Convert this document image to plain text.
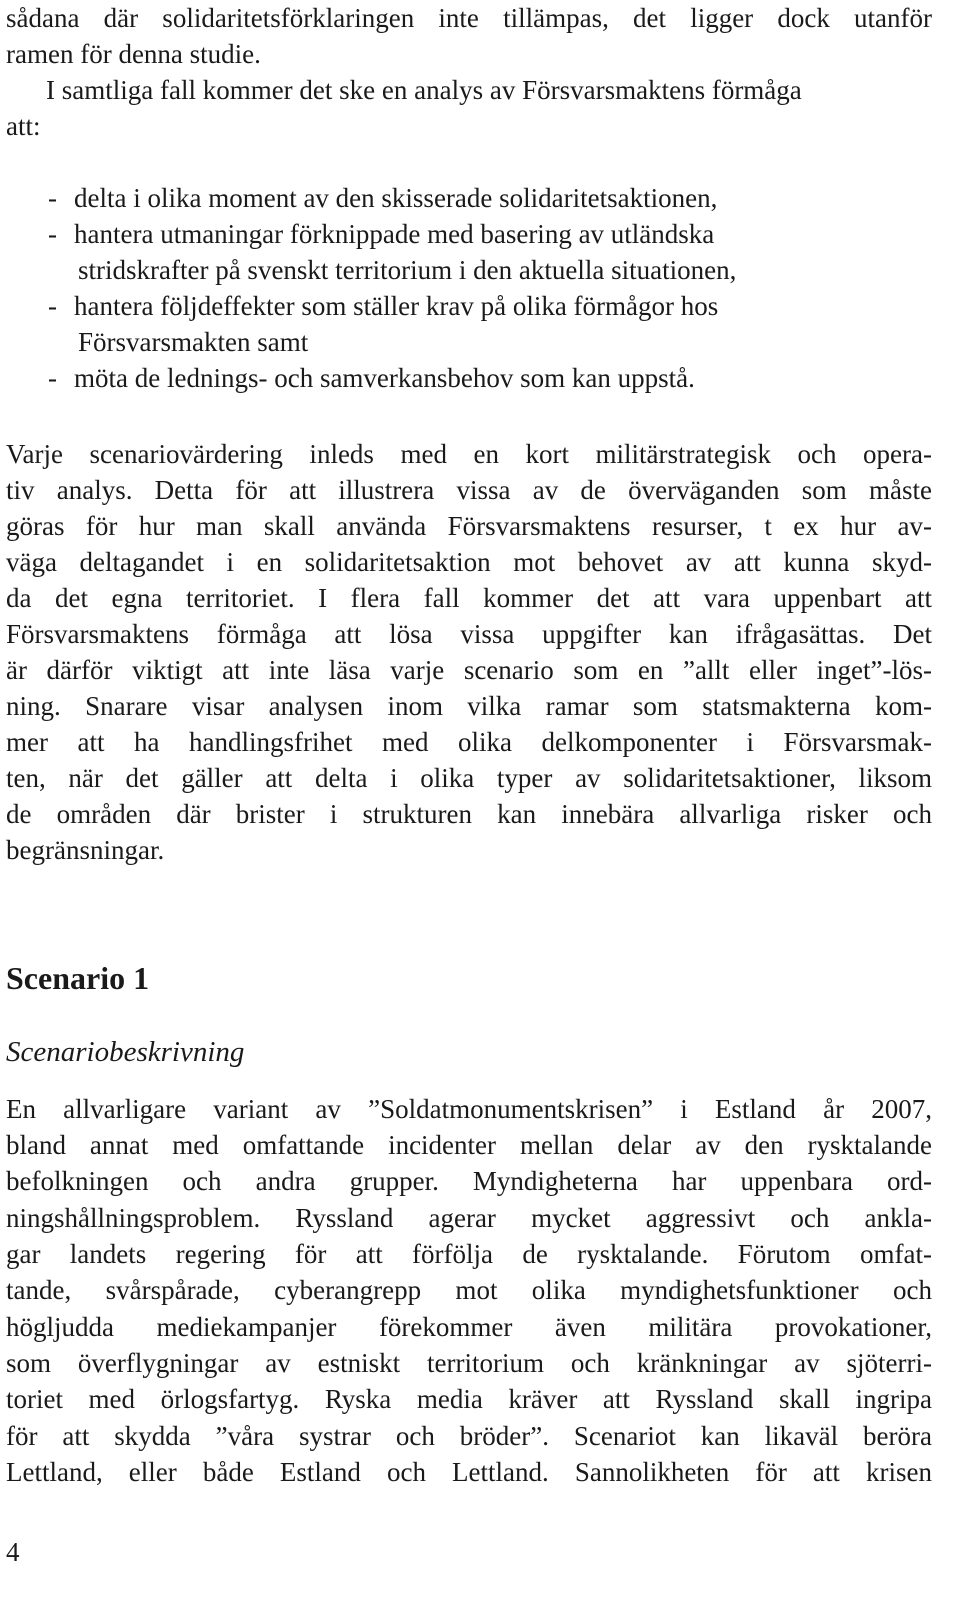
sådana där solidaritetsförklaringen inte tillämpas, det ligger dock utanför
ramen för denna studie.
I samtliga fall kommer det ske en analys av Försvarsmaktens förmåga
att:
- delta i olika moment av den skisserade solidaritetsaktionen,
- hantera utmaningar förknippade med basering av utländska
stridskrafter på svenskt territorium i den aktuella situationen,
- hantera följdeffekter som ställer krav på olika förmågor hos
Försvarsmakten samt
- möta de lednings- och samverkansbehov som kan uppstå.
Varje scenariovärdering inleds med en kort militärstrategisk och opera-
tiv analys. Detta för att illustrera vissa av de överväganden som måste
göras för hur man skall använda Försvarsmaktens resurser, t ex hur av-
väga deltagandet i en solidaritetsaktion mot behovet av att kunna skyd-
da det egna territoriet. I flera fall kommer det att vara uppenbart att
Försvarsmaktens förmåga att lösa vissa uppgifter kan ifrågasättas. Det
är därför viktigt att inte läsa varje scenario som en ”allt eller inget”-lös-
ning. Snarare visar analysen inom vilka ramar som statsmakterna kom-
mer att ha handlingsfrihet med olika delkomponenter i Försvarsmak-
ten, när det gäller att delta i olika typer av solidaritetsaktioner, liksom
de områden där brister i strukturen kan innebära allvarliga risker och
begränsningar.
Scenario 1
Scenariobeskrivning
En allvarligare variant av ”Soldatmonumentskrisen” i Estland år 2007,
bland annat med omfattande incidenter mellan delar av den rysktalande
befolkningen och andra grupper. Myndigheterna har uppenbara ord-
ningshållningsproblem. Ryssland agerar mycket aggressivt och ankla-
gar landets regering för att förfölja de rysktalande. Förutom omfat-
tande, svårspårade, cyberangrepp mot olika myndighetsfunktioner och
högljudda mediekampanjer förekommer även militära provokationer,
som överflygningar av estniskt territorium och kränkningar av sjöterri-
toriet med örlogsfartyg. Ryska media kräver att Ryssland skall ingripa
för att skydda ”våra systrar och bröder”. Scenariot kan likaväl beröra
Lettland, eller både Estland och Lettland. Sannolikheten för att krisen
4
